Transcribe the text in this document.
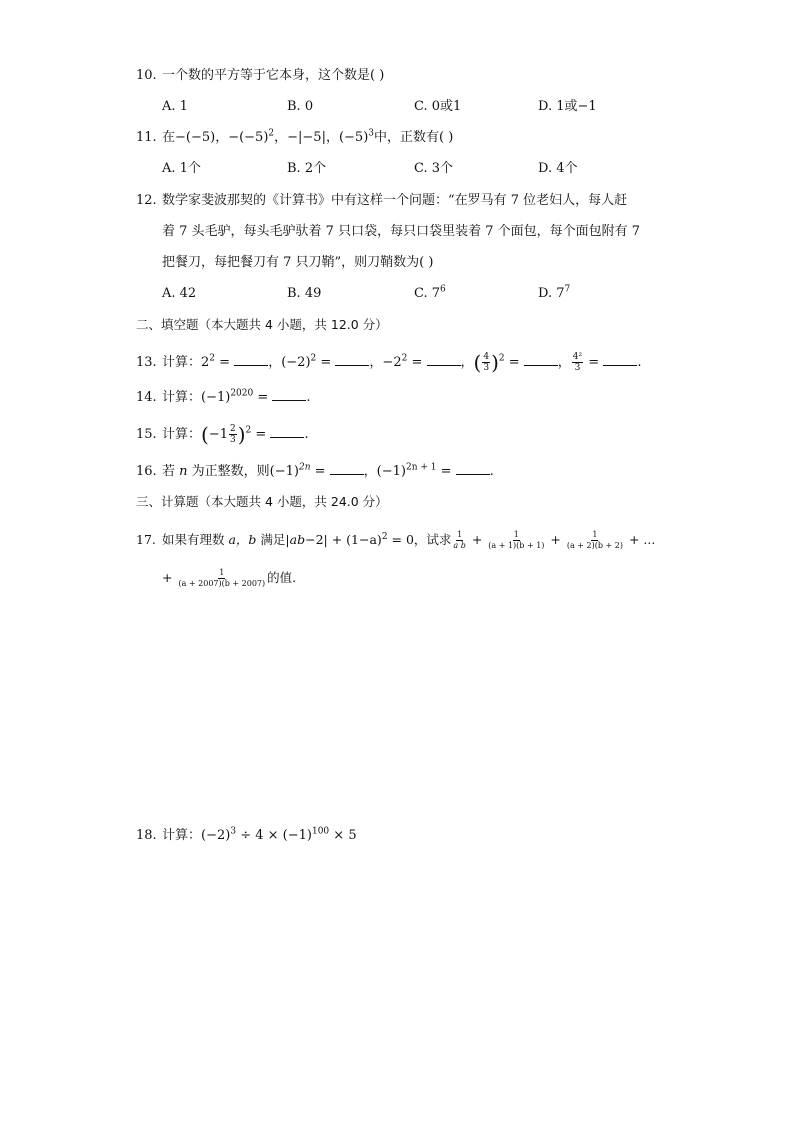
10. 一个数的平方等于它本身，这个数是( )
A. 1	B. 0	C. 0或1	D. 1或−1
11. 在−(−5)，$-(-5)^2$，−|−5|，$(-5)^3$中，正数有( )
A. 1个	B. 2个	C. 3个	D. 4个
12. 数学家斐波那契的《计算书》中有这样一个问题：“在罗马有 7 位老妇人，每人赶
着 7 头毛驴，每头毛驴驮着 7 只口袋，每只口袋里装着 7 个面包，每个面包附有 7
把餐刀，每把餐刀有 7 只刀鞘”，则刀鞘数为( )
A. 42	B. 49	C. $7^6$	D. $7^7$
二、填空题（本大题共 4 小题，共 12.0 分）
13. 计算：$2^2$ =	，$(-2)^2$ =	，$-2^2$ =	，( $\frac{4}{3} )^2$ =	， $\frac{\text{4²}}{3}$ =	.
14. 计算：$(-1)^{2020}$ =	.
15. 计算：$(-1 \frac{2}{3} )^2$ =	.
16. 若 n 为正整数，则$(-1)^{2n}$ =	，$(-1)^{2n + 1}$ =	.
三、计算题（本大题共 4 小题，共 24.0 分）
17. 如果有理数 a，b 满足$|ab-2| + (1-a)^2 = 0$，试求 $\frac{1}{\text{a b}} + \frac{1}{(a + 1)(b + 1)} + \frac{1}{(a + 2)(b + 2)}$ + ...
+ $\frac{1}{(a + 2007)(b + 2007)}$ 的值.
18. 计算：$(-2)^3 \div 4 \times (-1)^{100} \times 5$
